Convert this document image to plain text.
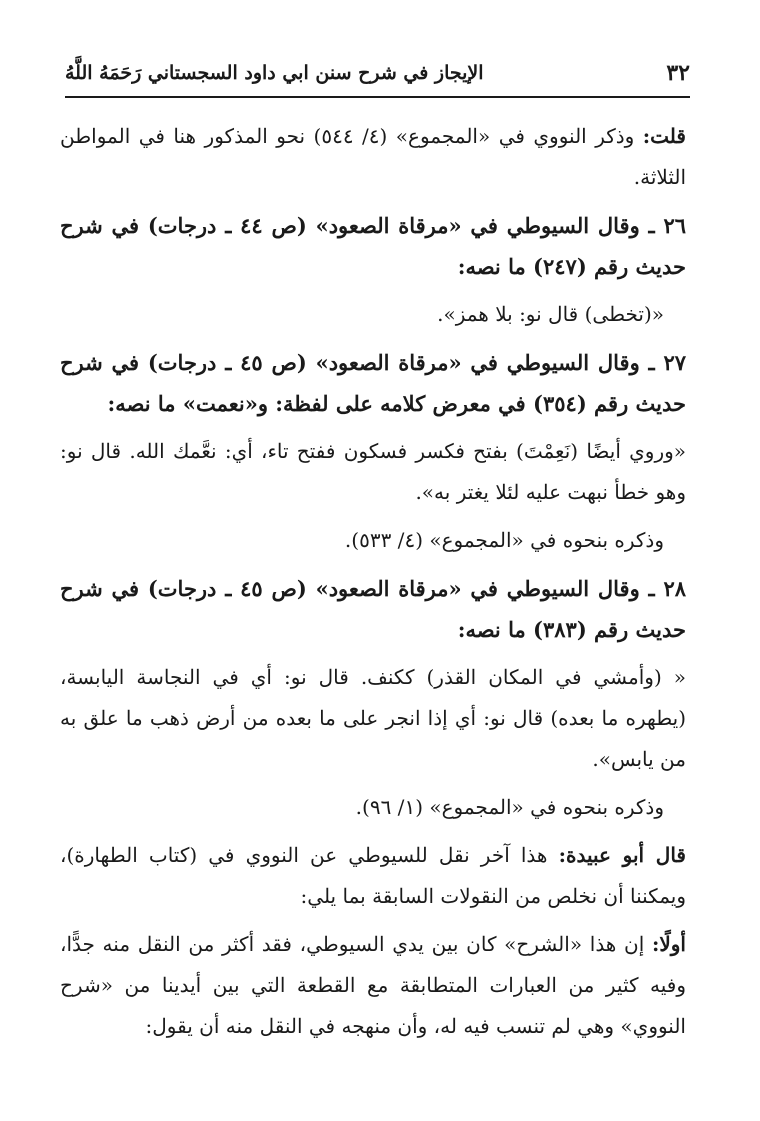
٣٢
الإيجاز في شرح سنن ابي داود السجستاني رَحَمَهُ اللَّهُ

قلت: وذكر النووي في «المجموع» (٤/ ٥٤٤) نحو المذكور هنا في المواطن الثلاثة.

٢٦ ـ وقال السيوطي في «مرقاة الصعود» (ص ٤٤ ـ درجات) في شرح حديث رقم (٢٤٧) ما نصه:

«(تخطى) قال نو: بلا همز».

٢٧ ـ وقال السيوطي في «مرقاة الصعود» (ص ٤٥ ـ درجات) في شرح حديث رقم (٣٥٤) في معرض كلامه على لفظة: و«نعمت» ما نصه:

«وروي أيضًا (نَعِمْتَ) بفتح فكسر فسكون ففتح تاء، أي: نعَّمك الله. قال نو: وهو خطأ نبهت عليه لئلا يغتر به».

وذكره بنحوه في «المجموع» (٤/ ٥٣٣).

٢٨ ـ وقال السيوطي في «مرقاة الصعود» (ص ٤٥ ـ درجات) في شرح حديث رقم (٣٨٣) ما نصه:

« (وأمشي في المكان القذر) ككنف. قال نو: أي في النجاسة اليابسة، (يطهره ما بعده) قال نو: أي إذا انجر على ما بعده من أرض ذهب ما علق به من يابس».

وذكره بنحوه في «المجموع» (١/ ٩٦).

قال أبو عبيدة: هذا آخر نقل للسيوطي عن النووي في (كتاب الطهارة)، ويمكننا أن نخلص من النقولات السابقة بما يلي:

أولًا: إن هذا «الشرح» كان بين يدي السيوطي، فقد أكثر من النقل منه جدًّا، وفيه كثير من العبارات المتطابقة مع القطعة التي بين أيدينا من «شرح النووي» وهي لم تنسب فيه له، وأن منهجه في النقل منه أن يقول:
